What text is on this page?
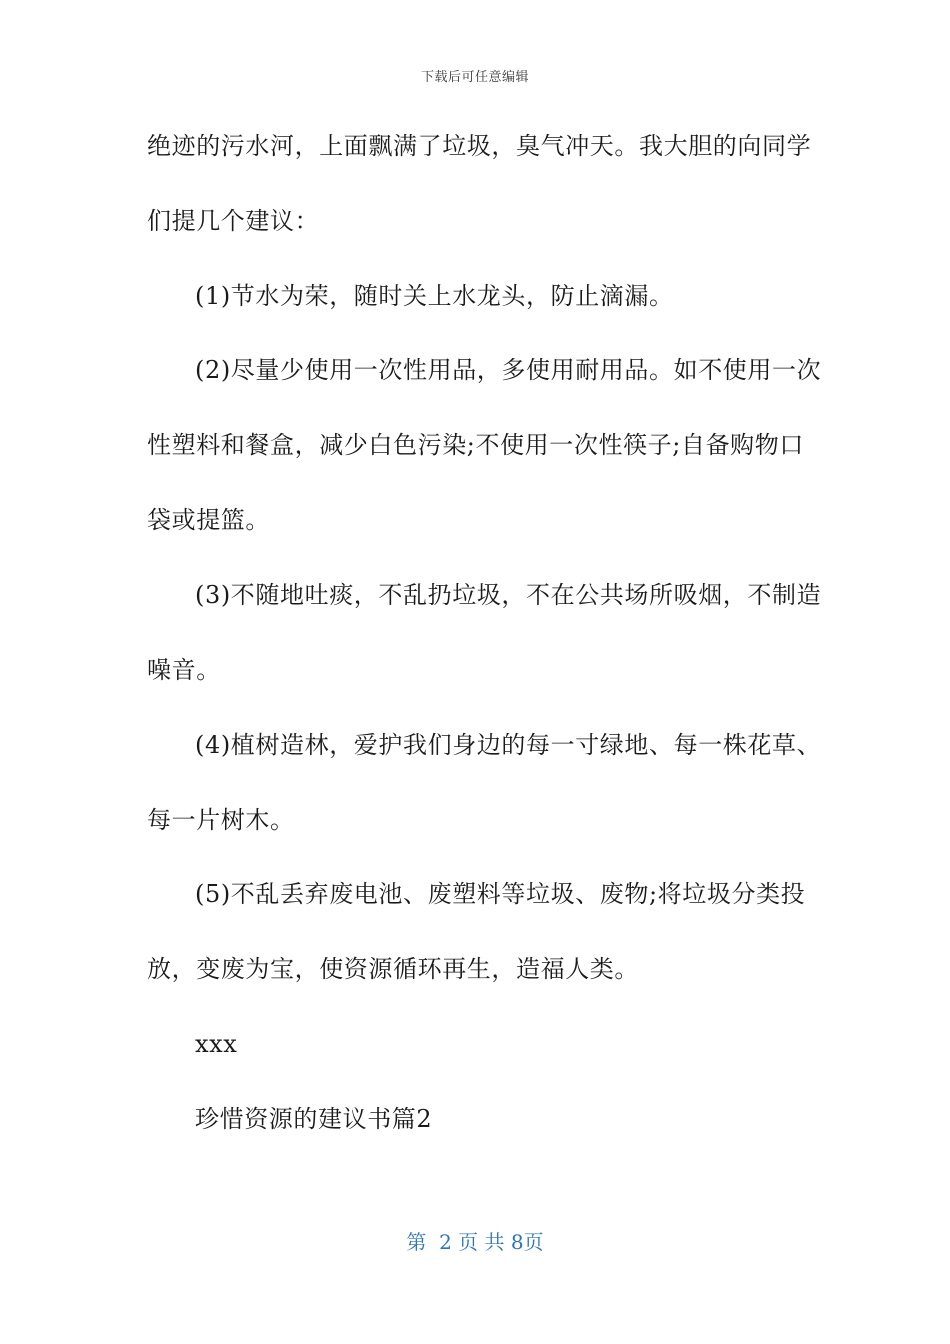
下载后可任意编辑
绝迹的污水河，上面飘满了垃圾，臭气冲天。我大胆的向同学
们提几个建议：
(1)节水为荣，随时关上水龙头，防止滴漏。
(2)尽量少使用一次性用品，多使用耐用品。如不使用一次
性塑料和餐盒，减少白色污染;不使用一次性筷子;自备购物口
袋或提篮。
(3)不随地吐痰，不乱扔垃圾，不在公共场所吸烟，不制造
噪音。
(4)植树造林，爱护我们身边的每一寸绿地、每一株花草、
每一片树木。
(5)不乱丢弃废电池、废塑料等垃圾、废物;将垃圾分类投
放，变废为宝，使资源循环再生，造福人类。
xxx
珍惜资源的建议书篇2
第  2 页 共 8页
